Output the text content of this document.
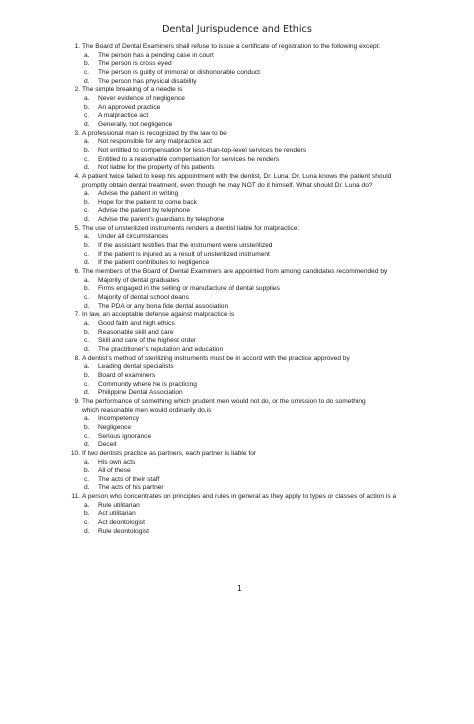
Dental Jurispudence and Ethics
1. The Board of Dental Examiners shall refuse to issue a certificate of registration to the following except:
a. The person has a pending case in court
b. The person is cross eyed
c. The person is guilty of immoral or dishonorable conduct
d. The person has physical disability
2. The simple breaking of a needle is
a. Never evidence of negligence
b. An approved practice
c. A malpractice act
d. Generally, not negligence
3. A professional man is recognized by the law to be
a. Not responsible for any malpractice act
b. Not entitled to compensation for less-than-top-level services he renders
c. Entitled to a reasonable compensation for services he renders
d. Not liable for the property of his patients
4. A patient twice failed to keep his appointment with the dentist, Dr. Luna. Dr. Luna knows the patient should
promptly obtain dental treatment, even though he may NOT do it himself. What should Dr. Luna do?
a. Advise the patient in writing
b. Hope for the patient to come back
c. Advise the patient by telephone
d. Advise the parent’s guardians by telephone
5. The use of unsterilized instruments renders a dentist liable for malpractice:
a. Under all circumstances
b. If the assistant testifies that the instrument were unsterilized
c. If the patient is injured as a result of unsterilized instrument
d. If the patient contributes to negligence
6. The members of the Board of Dental Examiners are appointed from among candidates recommended by
a. Majority of dental graduates
b. Firms engaged in the selling or manufacture of dental supplies
c. Majority of dental school deans
d. The PDA or any bona fide dental association
7. In law, an acceptable defense against malpractice is
a. Good faith and high ethics
b. Reasonable skill and care
c. Skill and care of the highest order
d. The practitioner’s reputation and education
8. A dentist’s method of sterilizing instruments must be in accord with the practice approved by
a. Leading dental specialists
b. Board of examiners
c. Community where he is practicing
d. Philippine Dental Association
9. The performance of something which prudent men would not do, or the omission to do something
which reasonable men would ordinarily do,is
a. Incompetency
b. Negligence
c. Serious ignorance
d. Deceit
10. If two dentists practice as partners, each partner is liable for
a. His own acts
b. All of these
c. The acts of their staff
d. The acts of his partner
11. A person who concentrates on principles and rules in general as they apply to types or classes of action is a
a. Rule utilitarian
b. Act utilitarian
c. Act deontologist
d. Rule deontologist
1
